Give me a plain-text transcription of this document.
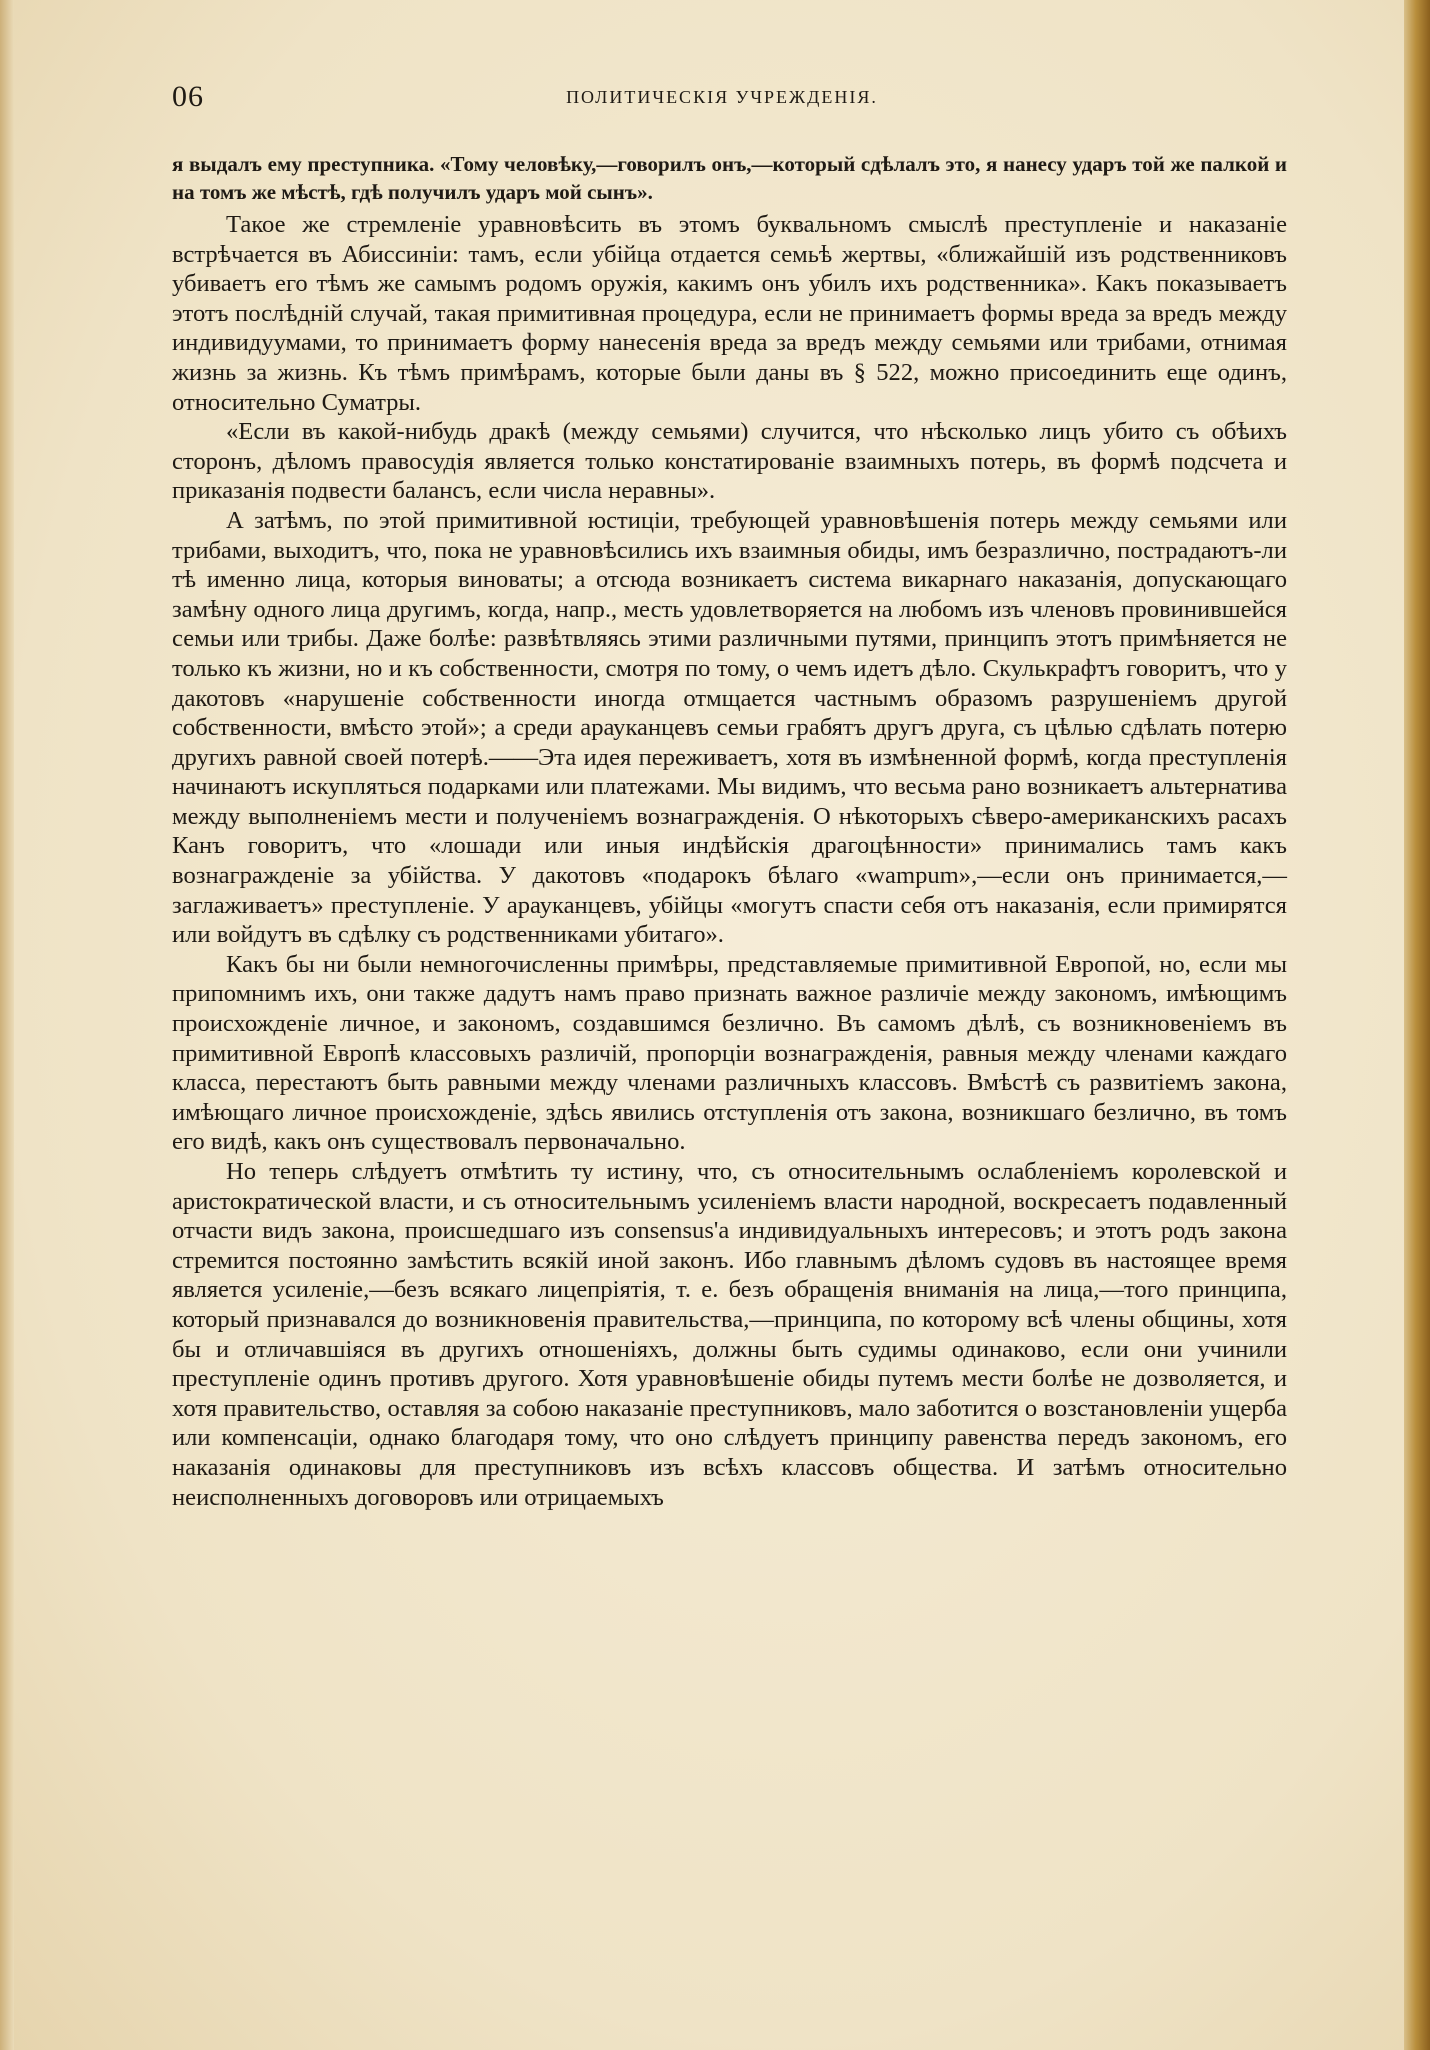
06	ПОЛИТИЧЕСКІЯ УЧРЕЖДЕНІЯ.

я выдалъ ему преступника. «Тому человѣку,—говорилъ онъ,—который сдѣлалъ это, я нанесу ударъ той же палкой и на томъ же мѣстѣ, гдѣ получилъ ударъ мой сынъ».

Такое же стремленіе уравновѣсить въ этомъ буквальномъ смыслѣ преступленіе и наказаніе встрѣчается въ Абиссиніи: тамъ, если убійца отдается семьѣ жертвы, «ближайшій изъ родственниковъ убиваетъ его тѣмъ же самымъ родомъ оружія, какимъ онъ убилъ ихъ родственника». Какъ показываетъ этотъ послѣдній случай, такая примитивная процедура, если не принимаетъ формы вреда за вредъ между индивидуумами, то принимаетъ форму нанесенія вреда за вредъ между семьями или трибами, отнимая жизнь за жизнь. Къ тѣмъ примѣрамъ, которые были даны въ § 522, можно присоединить еще одинъ, относительно Суматры.

«Если въ какой-нибудь дракѣ (между семьями) случится, что нѣсколько лицъ убито съ обѣихъ сторонъ, дѣломъ правосудія является только констатированіе взаимныхъ потерь, въ формѣ подсчета и приказанія подвести балансъ, если числа неравны».

А затѣмъ, по этой примитивной юстиціи, требующей уравновѣшенія потерь между семьями или трибами, выходитъ, что, пока не уравновѣсились ихъ взаимныя обиды, имъ безразлично, пострадаютъ-ли тѣ именно лица, которыя виноваты; а отсюда возникаетъ система викарнаго наказанія, допускающаго замѣну одного лица другимъ, когда, напр., месть удовлетворяется на любомъ изъ членовъ провинившейся семьи или трибы. Даже болѣе: развѣтвляясь этими различными путями, принципъ этотъ примѣняется не только къ жизни, но и къ собственности, смотря по тому, о чемъ идетъ дѣло. Скулькрафтъ говоритъ, что у дакотовъ «нарушеніе собственности иногда отмщается частнымъ образомъ разрушеніемъ другой собственности, вмѣсто этой»; а среди арауканцевъ семьи грабятъ другъ друга, съ цѣлью сдѣлать потерю другихъ равной своей потерѣ.——Эта идея переживаетъ, хотя въ измѣненной формѣ, когда преступленія начинаютъ искупляться подарками или платежами. Мы видимъ, что весьма рано возникаетъ альтернатива между выполненіемъ мести и полученіемъ вознагражденія. О нѣкоторыхъ сѣверо-американскихъ расахъ Канъ говоритъ, что «лошади или иныя индѣйскія драгоцѣнности» принимались тамъ какъ вознагражденіе за убійства. У дакотовъ «подарокъ бѣлаго «wampum»,—если онъ принимается,—заглаживаетъ» преступленіе. У арауканцевъ, убійцы «могутъ спасти себя отъ наказанія, если примирятся или войдутъ въ сдѣлку съ родственниками убитаго».

Какъ бы ни были немногочисленны примѣры, представляемые примитивной Европой, но, если мы припомнимъ ихъ, они также дадутъ намъ право признать важное различіе между закономъ, имѣющимъ происхожденіе личное, и закономъ, создавшимся безлично. Въ самомъ дѣлѣ, съ возникновеніемъ въ примитивной Европѣ классовыхъ различій, пропорціи вознагражденія, равныя между членами каждаго класса, перестаютъ быть равными между членами различныхъ классовъ. Вмѣстѣ съ развитіемъ закона, имѣющаго личное происхожденіе, здѣсь явились отступленія отъ закона, возникшаго безлично, въ томъ его видѣ, какъ онъ существовалъ первоначально.

Но теперь слѣдуетъ отмѣтить ту истину, что, съ относительнымъ ослабленіемъ королевской и аристократической власти, и съ относительнымъ усиленіемъ власти народной, воскресаетъ подавленный отчасти видъ закона, происшедшаго изъ consensus'а индивидуальныхъ интересовъ; и этотъ родъ закона стремится постоянно замѣстить всякій иной законъ. Ибо главнымъ дѣломъ судовъ въ настоящее время является усиленіе,—безъ всякаго лицепріятія, т. е. безъ обращенія вниманія на лица,—того принципа, который признавался до возникновенія правительства,—принципа, по которому всѣ члены общины, хотя бы и отличавшіяся въ другихъ отношеніяхъ, должны быть судимы одинаково, если они учинили преступленіе одинъ противъ другого. Хотя уравновѣшеніе обиды путемъ мести болѣе не дозволяется, и хотя правительство, оставляя за собою наказаніе преступниковъ, мало заботится о возстановленіи ущерба или компенсаціи, однако благодаря тому, что оно слѣдуетъ принципу равенства передъ закономъ, его наказанія одинаковы для преступниковъ изъ всѣхъ классовъ общества. И затѣмъ относительно неисполненныхъ договоровъ или отрицаемыхъ
